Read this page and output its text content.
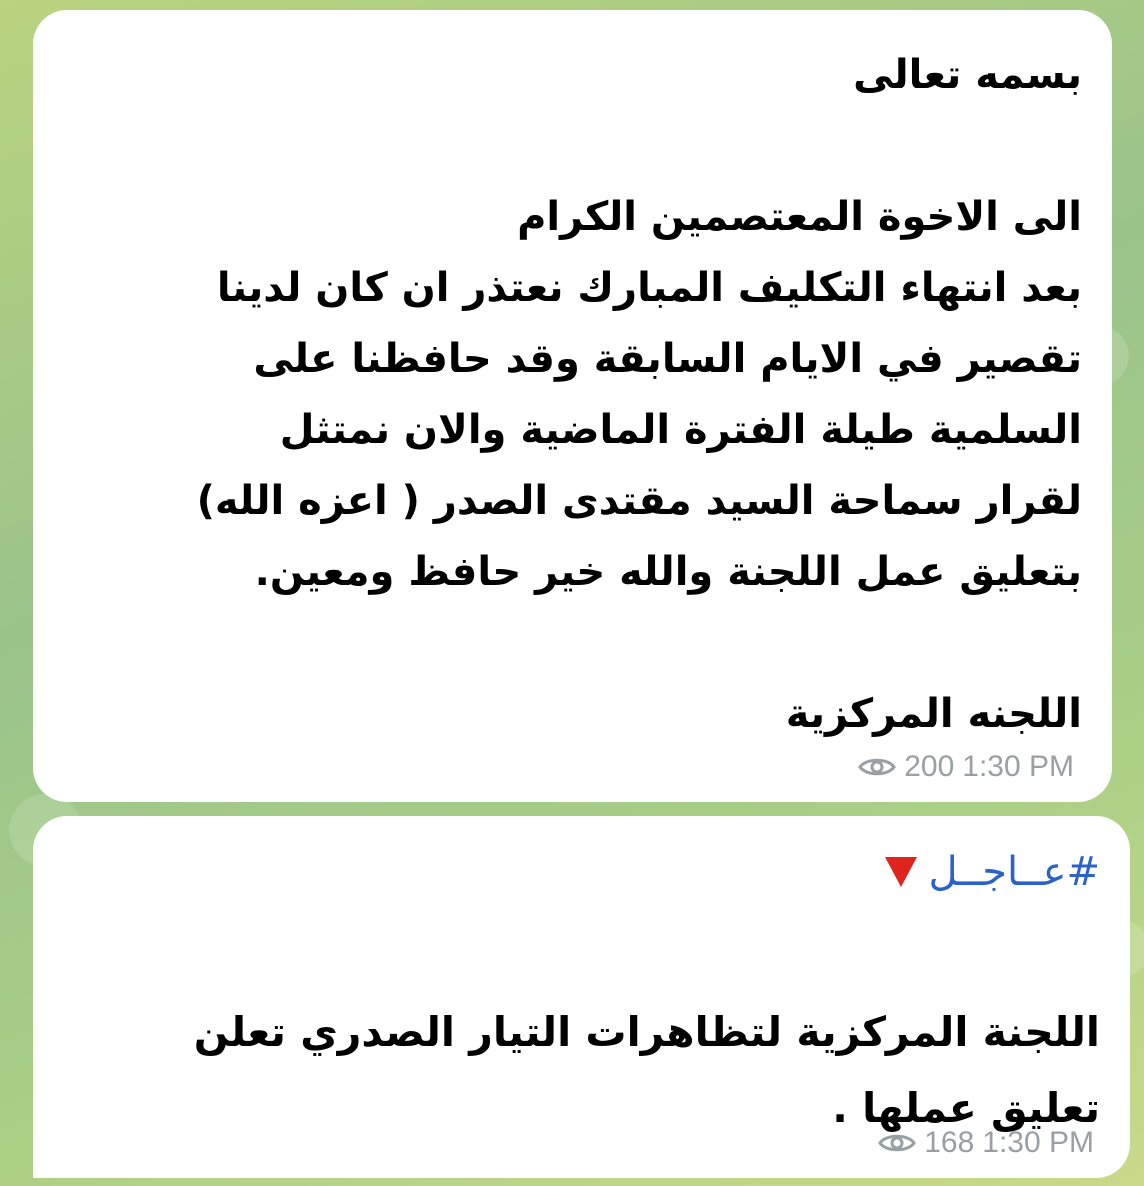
بسمه تعالى
الى الاخوة المعتصمين الكرام
بعد انتهاء التكليف المبارك نعتذر ان كان لدينا
تقصير في الايام السابقة وقد حافظنا على
السلمية طيلة الفترة الماضية والان نمتثل
لقرار سماحة السيد مقتدى الصدر ( اعزه الله)
بتعليق عمل اللجنة والله خير حافظ ومعين.
اللجنه المركزية
200 1:30 PM
#عــاجــل
اللجنة المركزية لتظاهرات التيار الصدري تعلن
تعليق عملها .
168 1:30 PM
